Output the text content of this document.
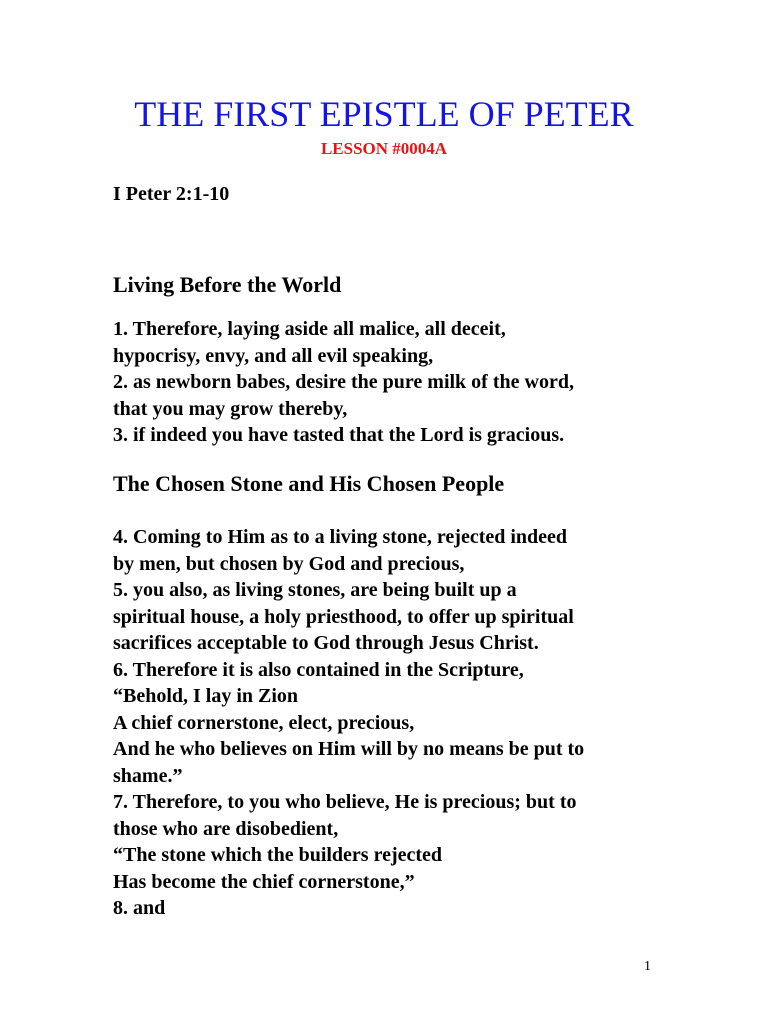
THE FIRST EPISTLE OF PETER
LESSON #0004A
I Peter 2:1-10
Living Before the World
1. Therefore, laying aside all malice, all deceit,
hypocrisy, envy, and all evil speaking,
2. as newborn babes, desire the pure milk of the word,
that you may grow thereby,
3. if indeed you have tasted that the Lord is gracious.
The Chosen Stone and His Chosen People
4. Coming to Him as to a living stone, rejected indeed
by men, but chosen by God and precious,
5. you also, as living stones, are being built up a
spiritual house, a holy priesthood, to offer up spiritual
sacrifices acceptable to God through Jesus Christ.
6. Therefore it is also contained in the Scripture,
“Behold, I lay in Zion
A chief cornerstone, elect, precious,
And he who believes on Him will by no means be put to
shame.”
7. Therefore, to you who believe, He is precious; but to
those who are disobedient,
“The stone which the builders rejected
Has become the chief cornerstone,”
8. and
1
